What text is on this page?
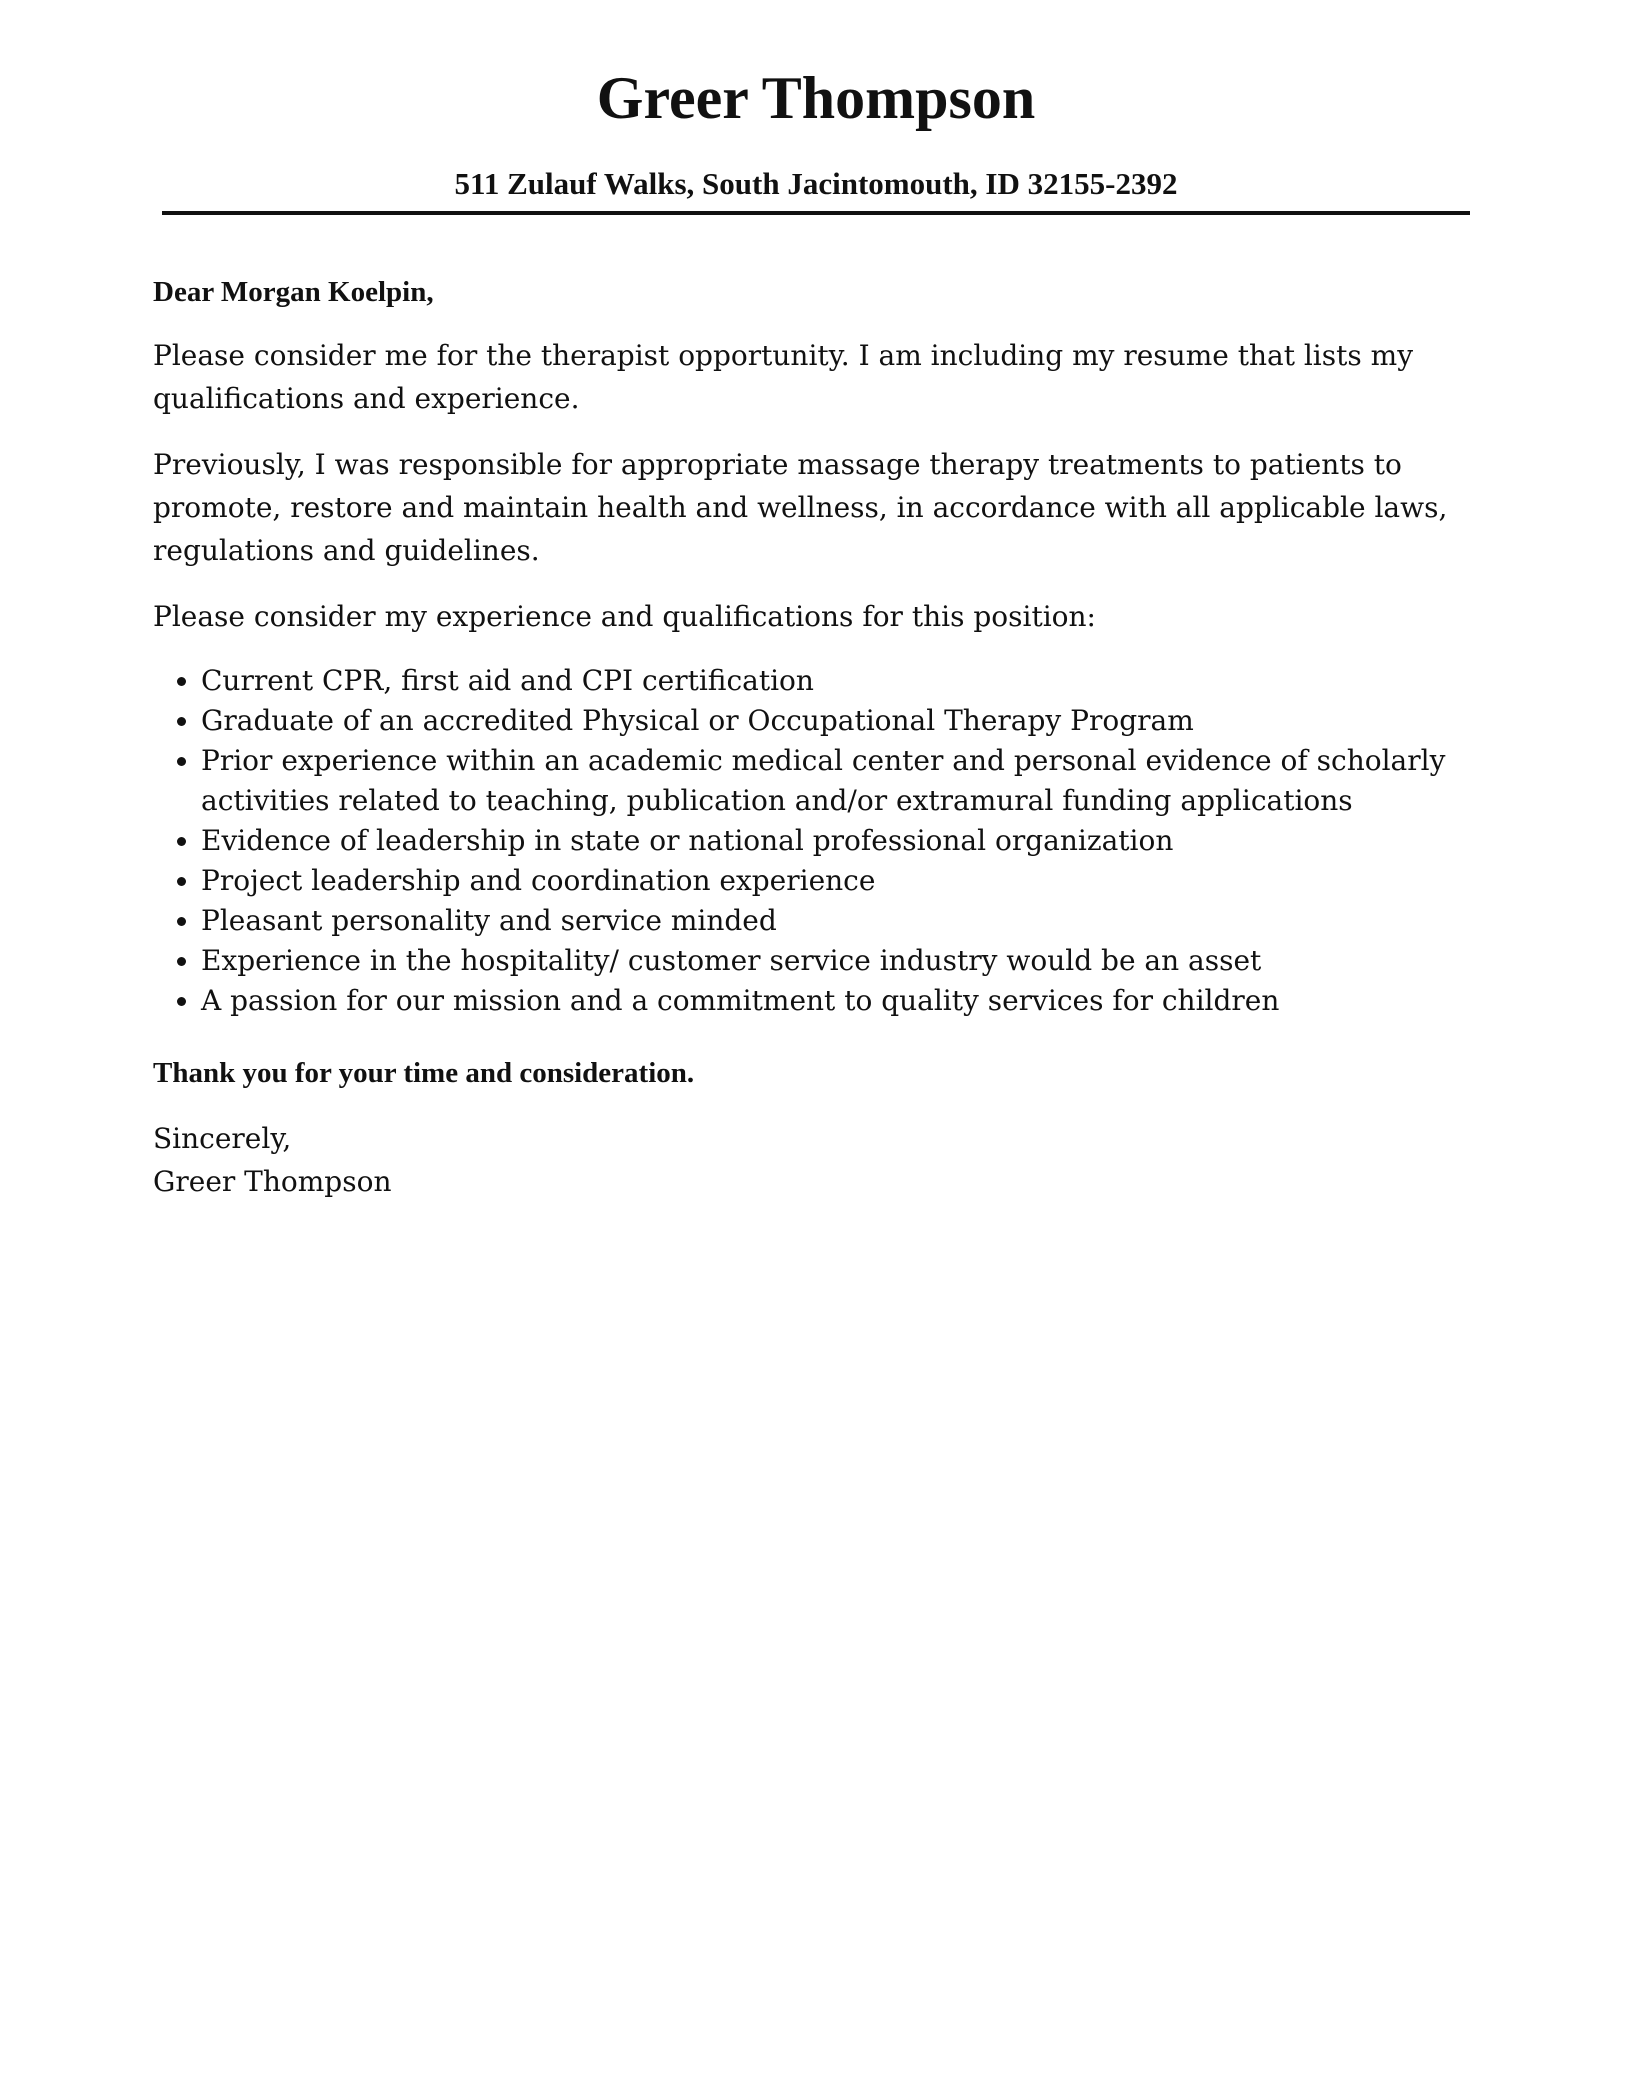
Greer Thompson
511 Zulauf Walks, South Jacintomouth, ID 32155-2392

Dear Morgan Koelpin,

Please consider me for the therapist opportunity. I am including my resume that lists my qualifications and experience.

Previously, I was responsible for appropriate massage therapy treatments to patients to promote, restore and maintain health and wellness, in accordance with all applicable laws, regulations and guidelines.

Please consider my experience and qualifications for this position:

• Current CPR, first aid and CPI certification
• Graduate of an accredited Physical or Occupational Therapy Program
• Prior experience within an academic medical center and personal evidence of scholarly activities related to teaching, publication and/or extramural funding applications
• Evidence of leadership in state or national professional organization
• Project leadership and coordination experience
• Pleasant personality and service minded
• Experience in the hospitality/ customer service industry would be an asset
• A passion for our mission and a commitment to quality services for children

Thank you for your time and consideration.

Sincerely,
Greer Thompson
